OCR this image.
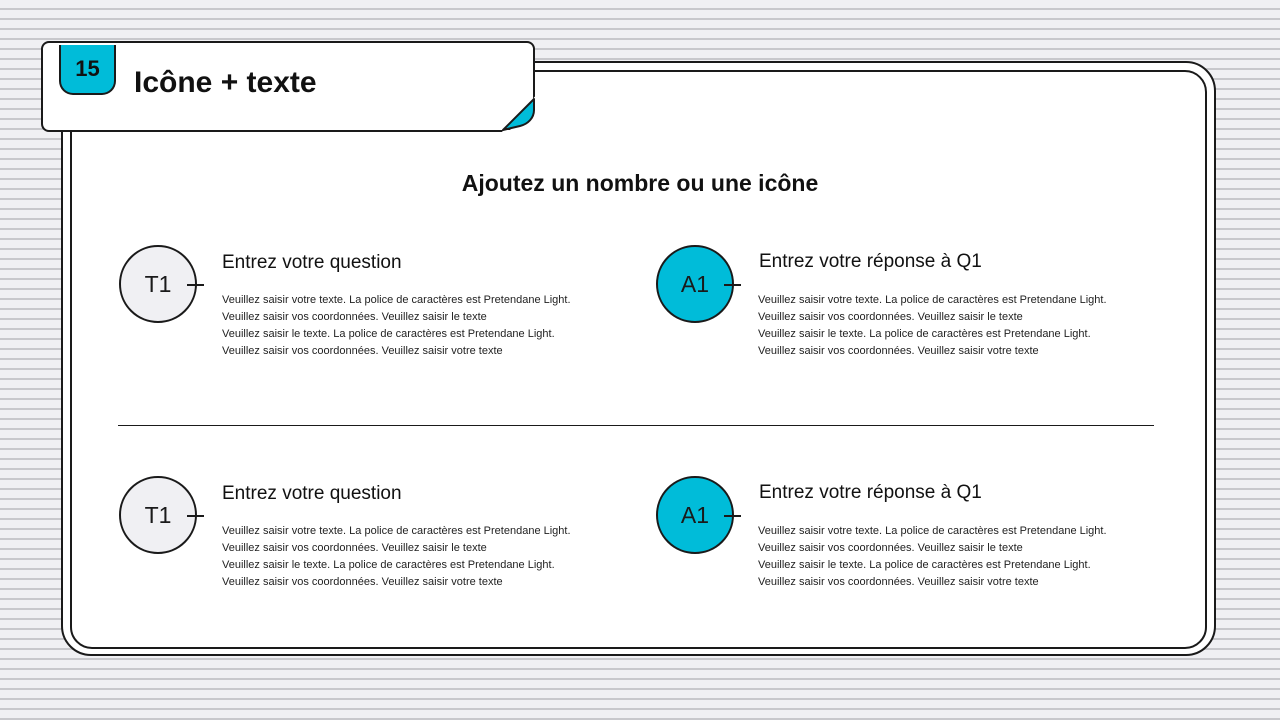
15 Icône + texte
Ajoutez un nombre ou une icône
T1
Entrez votre question
Veuillez saisir votre texte. La police de caractères est Pretendane Light.
Veuillez saisir vos coordonnées. Veuillez saisir le texte
Veuillez saisir le texte. La police de caractères est Pretendane Light.
Veuillez saisir vos coordonnées. Veuillez saisir votre texte
A1
Entrez votre réponse à Q1
Veuillez saisir votre texte. La police de caractères est Pretendane Light.
Veuillez saisir vos coordonnées. Veuillez saisir le texte
Veuillez saisir le texte. La police de caractères est Pretendane Light.
Veuillez saisir vos coordonnées. Veuillez saisir votre texte
T1
Entrez votre question
Veuillez saisir votre texte. La police de caractères est Pretendane Light.
Veuillez saisir vos coordonnées. Veuillez saisir le texte
Veuillez saisir le texte. La police de caractères est Pretendane Light.
Veuillez saisir vos coordonnées. Veuillez saisir votre texte
A1
Entrez votre réponse à Q1
Veuillez saisir votre texte. La police de caractères est Pretendane Light.
Veuillez saisir vos coordonnées. Veuillez saisir le texte
Veuillez saisir le texte. La police de caractères est Pretendane Light.
Veuillez saisir vos coordonnées. Veuillez saisir votre texte
